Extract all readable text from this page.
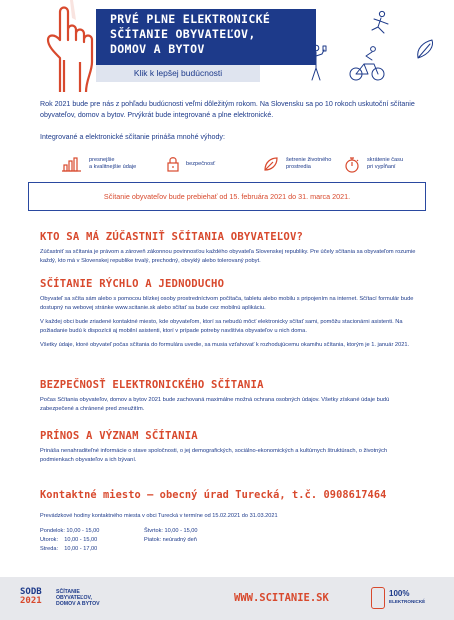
PRVÉ PLNE ELEKTRONICKÉ
SČÍTANIE OBYVATEĽOV,
DOMOV A BYTOV
Klik k lepšej budúcnosti

Rok 2021 bude pre nás z pohľadu budúcnosti veľmi dôležitým rokom. Na Slovensku sa po 10 rokoch uskutoční sčítanie obyvateľov, domov a bytov. Prvýkrát bude integrované a plne elektronické.

Integrované a elektronické sčítanie prináša mnohé výhody:

presnejšie
a kvalitnejšie údaje
bezpečnosť
šetrenie životného
prostredia
skrátenie času
pri vypĺňaní
Sčítanie obyvateľov bude prebiehať od 15. februára 2021 do 31. marca 2021.
KTO SA MÁ ZÚČASTNIŤ SČÍTANIA OBYVATEĽOV?

Zúčastniť sa sčítania je právom a zároveň zákonnou povinnosťou každého obyvateľa Slovenskej republiky. Pre účely sčítania sa obyvateľom rozumie každý, kto má v Slovenskej republike trvalý, prechodný, obvyklý alebo tolerovaný pobyt.

SČÍTANIE RÝCHLO A JEDNODUCHO

Obyvateľ sa sčíta sám alebo s pomocou blízkej osoby prostredníctvom počítača, tabletu alebo mobilu s pripojením na internet. Sčítací formulár bude dostupný na webovej stránke www.scitanie.sk alebo sčítať sa bude cez mobilnú aplikáciu.

V každej obci bude zriadené kontaktné miesto, kde obyvateľom, ktorí sa nebudú môcť elektronicky sčítať sami, pomôžu stacionárni asistenti. Na požiadanie budú k dispozícii aj mobilní asistenti, ktorí v prípade potreby navštívia obyvateľov u nich doma.

Všetky údaje, ktoré obyvateľ počas sčítania do formulára uvedie, sa musia vzťahovať k rozhodujúcemu okamihu sčítania, ktorým je 1. január 2021.

BEZPEČNOSŤ ELEKTRONICKÉHO SČÍTANIA

Počas Sčítania obyvateľov, domov a bytov 2021 bude zachovaná maximálne možná ochrana osobných údajov. Všetky získané údaje budú zabezpečené a chránené pred zneužitím.

PRÍNOS A VÝZNAM SČÍTANIA

Prináša nenahraditeľné informácie o stave spoločnosti, o jej demografických, sociálno-ekonomických a kultúrnych štruktúrach, o životných podmienkach obyvateľov a ich bývaní.

Kontaktné miesto – obecný úrad Turecká, t.č. 0908617464
Prevádzkové hodiny kontaktného miesta v obci Turecká v termíne od 15.02.2021 do 31.03.2021
Pondelok: 10,00 - 15,00
Utorok:    10,00 - 15,00
Streda:    10,00 - 17,00
Štvrtok: 10,00 - 15,00
Piatok: neúradný deň
SODB
2021
SČÍTANIE
OBYVATEĽOV,
DOMOV A BYTOV
WWW.SCITANIE.SK	100%
ELEKTRONICKÉ
